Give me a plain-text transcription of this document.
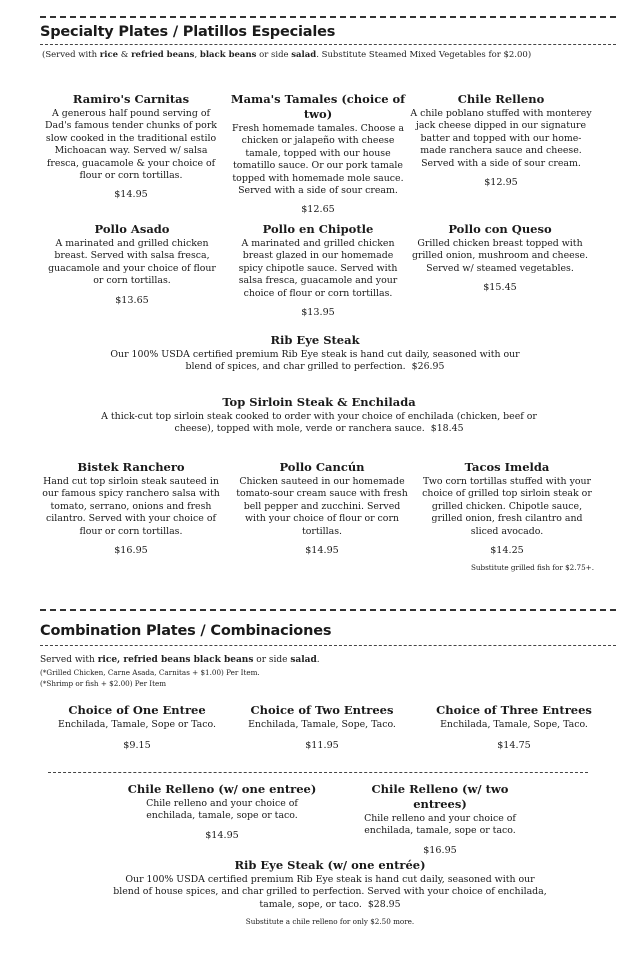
Specialty Plates / Platillos Especiales
(Served with rice & refried beans, black beans or side salad. Substitute Steamed Mixed Vegetables for $2.00)
Ramiro's Carnitas
A generous half pound serving of Dad's famous tender chunks of pork slow cooked in the traditional estilo Michoacan way. Served w/ salsa fresca, guacamole & your choice of flour or corn tortillas.
$14.95
Mama's Tamales (choice of two)
Fresh homemade tamales. Choose a chicken or jalapeño with cheese tamale, topped with our house tomatillo sauce. Or our pork tamale topped with homemade mole sauce. Served with a side of sour cream.
$12.65
Chile Relleno
A chile poblano stuffed with monterey jack cheese dipped in our signature batter and topped with our home-made ranchera sauce and cheese. Served with a side of sour cream.
$12.95
Pollo Asado
A marinated and grilled chicken breast. Served with salsa fresca, guacamole and your choice of flour or corn tortillas.
$13.65
Pollo en Chipotle
A marinated and grilled chicken breast glazed in our homemade spicy chipotle sauce. Served with salsa fresca, guacamole and your choice of flour or corn tortillas.
$13.95
Pollo con Queso
Grilled chicken breast topped with grilled onion, mushroom and cheese. Served w/ steamed vegetables.
$15.45
Rib Eye Steak
Our 100% USDA certified premium Rib Eye steak is hand cut daily, seasoned with our blend of spices, and char grilled to perfection. $26.95
Top Sirloin Steak & Enchilada
A thick-cut top sirloin steak cooked to order with your choice of enchilada (chicken, beef or cheese), topped with mole, verde or ranchera sauce. $18.45
Bistek Ranchero
Hand cut top sirloin steak sauteed in our famous spicy ranchero salsa with tomato, serrano, onions and fresh cilantro. Served with your choice of flour or corn tortillas.
$16.95
Pollo Cancún
Chicken sauteed in our homemade tomato-sour cream sauce with fresh bell pepper and zucchini. Served with your choice of flour or corn tortillas.
$14.95
Tacos Imelda
Two corn tortillas stuffed with your choice of grilled top sirloin steak or grilled chicken. Chipotle sauce, grilled onion, fresh cilantro and sliced avocado.
$14.25
Substitute grilled fish for $2.75+.
Combination Plates / Combinaciones
Served with rice, refried beans black beans or side salad.
(*Grilled Chicken, Carne Asada, Carnitas + $1.00) Per Item.
(*Shrimp or fish + $2.00) Per Item
Choice of One Entree
Enchilada, Tamale, Sope or Taco.
$9.15
Choice of Two Entrees
Enchilada, Tamale, Sope, Taco.
$11.95
Choice of Three Entrees
Enchilada, Tamale, Sope, Taco.
$14.75
Chile Relleno (w/ one entree)
Chile relleno and your choice of enchilada, tamale, sope or taco.
$14.95
Chile Relleno (w/ two entrees)
Chile relleno and your choice of enchilada, tamale, sope or taco.
$16.95
Rib Eye Steak (w/ one entrée)
Our 100% USDA certified premium Rib Eye steak is hand cut daily, seasoned with our blend of house spices, and char grilled to perfection. Served with your choice of enchilada, tamale, sope, or taco. $28.95
Substitute a chile relleno for only $2.50 more.
